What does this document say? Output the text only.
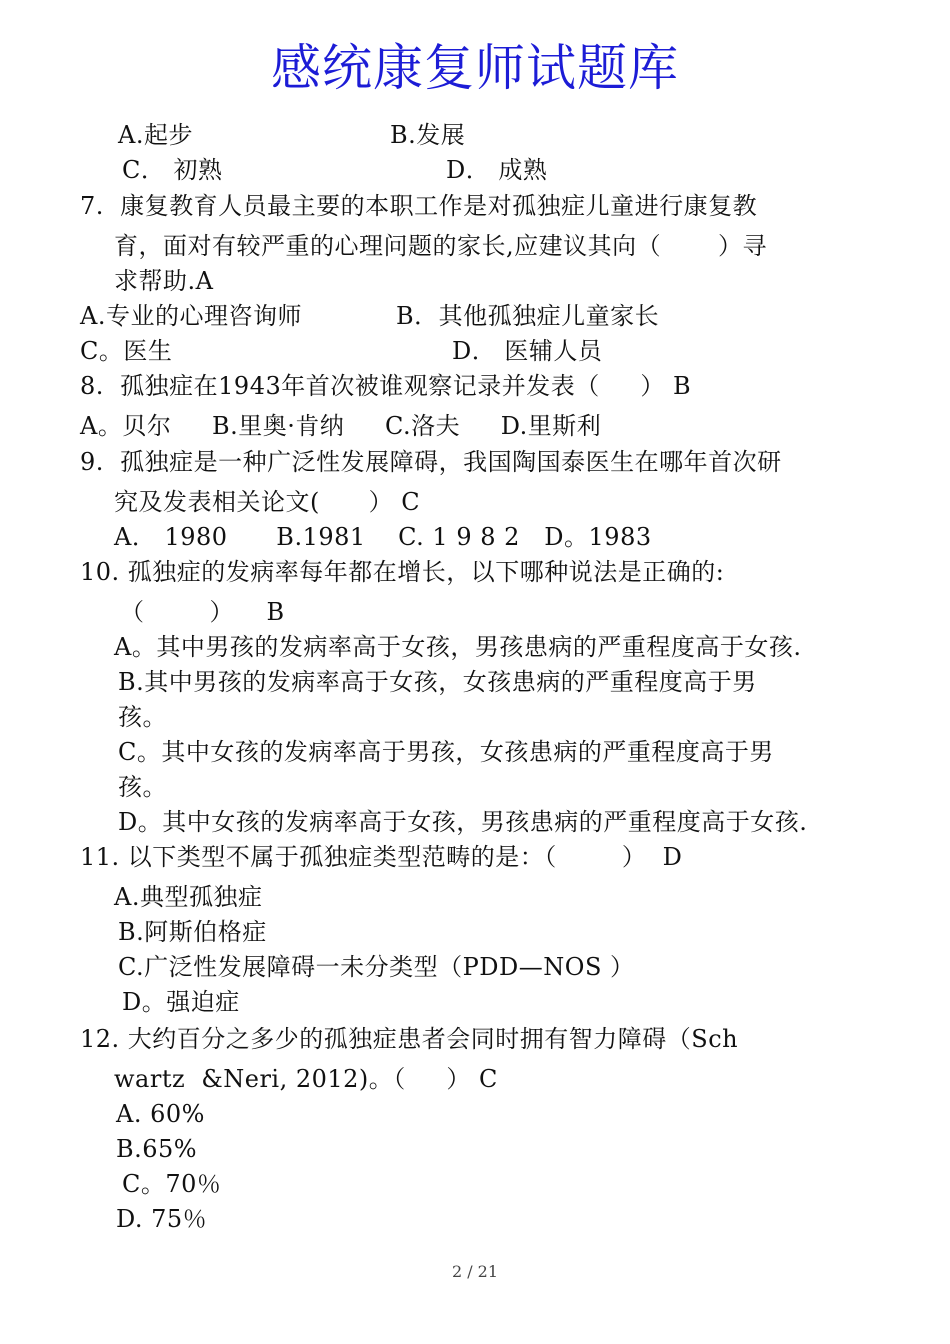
感统康复师试题库
A.起步	B.发展
C． 初熟	D． 成熟
7.  康复教育人员最主要的本职工作是对孤独症儿童进行康复教
育，面对有较严重的心理问题的家长,应建议其向（       ）寻
求帮助.A
A.专业的心理咨询师	B．其他孤独症儿童家长
C。医生	D． 医辅人员
8.  孤独症在1943年首次被谁观察记录并发表（     ） B
A。贝尔     B.里奥·肯纳     C.洛夫     D.里斯利
9.  孤独症是一种广泛性发展障碍，我国陶国泰医生在哪年首次研
究及发表相关论文(      ） C
A． 1980      B.1981    C. 1 9 8 2   D。1983
10. 孤独症的发病率每年都在增长，以下哪种说法是正确的:
（        ）    B
A。其中男孩的发病率高于女孩，男孩患病的严重程度高于女孩.
B.其中男孩的发病率高于女孩，女孩患病的严重程度高于男
孩。
C。其中女孩的发病率高于男孩，女孩患病的严重程度高于男
孩。
D。其中女孩的发病率高于女孩，男孩患病的严重程度高于女孩.
11. 以下类型不属于孤独症类型范畴的是：（        ）  D
A.典型孤独症
B.阿斯伯格症
C.广泛性发展障碍一未分类型（PDD—NOS ）
D。强迫症
12. 大约百分之多少的孤独症患者会同时拥有智力障碍（Sch
wartz  &Neri, 2012)。（     ） C
A. 60%
B.65%
C。70％
D. 75％
2 / 21
